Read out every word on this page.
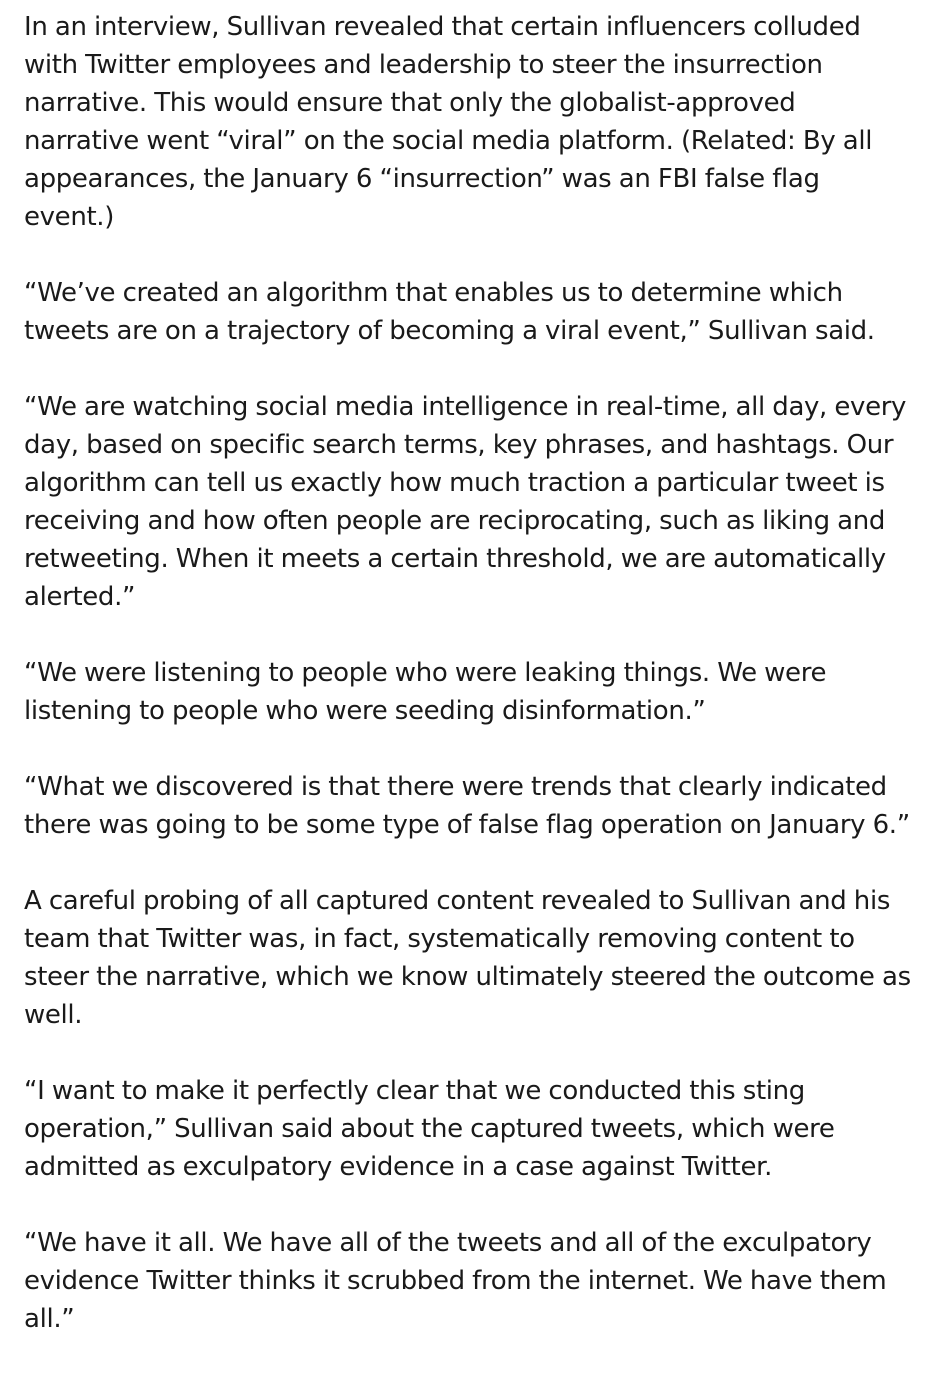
In an interview, Sullivan revealed that certain influencers colluded with Twitter employees and leadership to steer the insurrection narrative. This would ensure that only the globalist-approved narrative went “viral” on the social media platform. (Related: By all appearances, the January 6 “insurrection” was an FBI false flag event.)

“We’ve created an algorithm that enables us to determine which tweets are on a trajectory of becoming a viral event,” Sullivan said.

“We are watching social media intelligence in real-time, all day, every day, based on specific search terms, key phrases, and hashtags. Our algorithm can tell us exactly how much traction a particular tweet is receiving and how often people are reciprocating, such as liking and retweeting. When it meets a certain threshold, we are automatically alerted.”

“We were listening to people who were leaking things. We were listening to people who were seeding disinformation.”

“What we discovered is that there were trends that clearly indicated there was going to be some type of false flag operation on January 6.”

A careful probing of all captured content revealed to Sullivan and his team that Twitter was, in fact, systematically removing content to steer the narrative, which we know ultimately steered the outcome as well.

“I want to make it perfectly clear that we conducted this sting operation,” Sullivan said about the captured tweets, which were admitted as exculpatory evidence in a case against Twitter.

“We have it all. We have all of the tweets and all of the exculpatory evidence Twitter thinks it scrubbed from the internet. We have them all.”
